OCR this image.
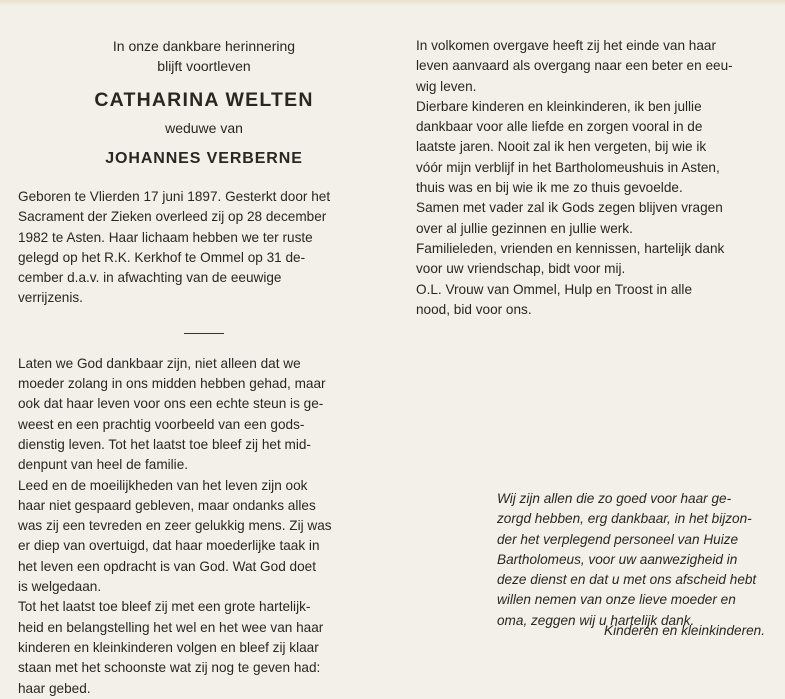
In onze dankbare herinnering
blijft voortleven
CATHARINA WELTEN
weduwe van
JOHANNES VERBERNE
Geboren te Vlierden 17 juni 1897. Gesterkt door het
Sacrament der Zieken overleed zij op 28 december
1982 te Asten. Haar lichaam hebben we ter ruste
gelegd op het R.K. Kerkhof te Ommel op 31 de-
cember d.a.v. in afwachting van de eeuwige
verrijzenis.
Laten we God dankbaar zijn, niet alleen dat we
moeder zolang in ons midden hebben gehad, maar
ook dat haar leven voor ons een echte steun is ge-
weest en een prachtig voorbeeld van een gods-
dienstig leven. Tot het laatst toe bleef zij het mid-
denpunt van heel de familie.
Leed en de moeilijkheden van het leven zijn ook
haar niet gespaard gebleven, maar ondanks alles
was zij een tevreden en zeer gelukkig mens. Zij was
er diep van overtuigd, dat haar moederlijke taak in
het leven een opdracht is van God. Wat God doet
is welgedaan.
Tot het laatst toe bleef zij met een grote hartelijk-
heid en belangstelling het wel en het wee van haar
kinderen en kleinkinderen volgen en bleef zij klaar
staan met het schoonste wat zij nog te geven had:
haar gebed.
In volkomen overgave heeft zij het einde van haar
leven aanvaard als overgang naar een beter en eeu-
wig leven.
Dierbare kinderen en kleinkinderen, ik ben jullie
dankbaar voor alle liefde en zorgen vooral in de
laatste jaren. Nooit zal ik hen vergeten, bij wie ik
vóór mijn verblijf in het Bartholomeushuis in Asten,
thuis was en bij wie ik me zo thuis gevoelde.
Samen met vader zal ik Gods zegen blijven vragen
over al jullie gezinnen en jullie werk.
Familieleden, vrienden en kennissen, hartelijk dank
voor uw vriendschap, bidt voor mij.
O.L. Vrouw van Ommel, Hulp en Troost in alle
nood, bid voor ons.
Wij zijn allen die zo goed voor haar ge-
zorgd hebben, erg dankbaar, in het bijzon-
der het verplegend personeel van Huize
Bartholomeus, voor uw aanwezigheid in
deze dienst en dat u met ons afscheid hebt
willen nemen van onze lieve moeder en
oma, zeggen wij u hartelijk dank.
Kinderen en kleinkinderen.
